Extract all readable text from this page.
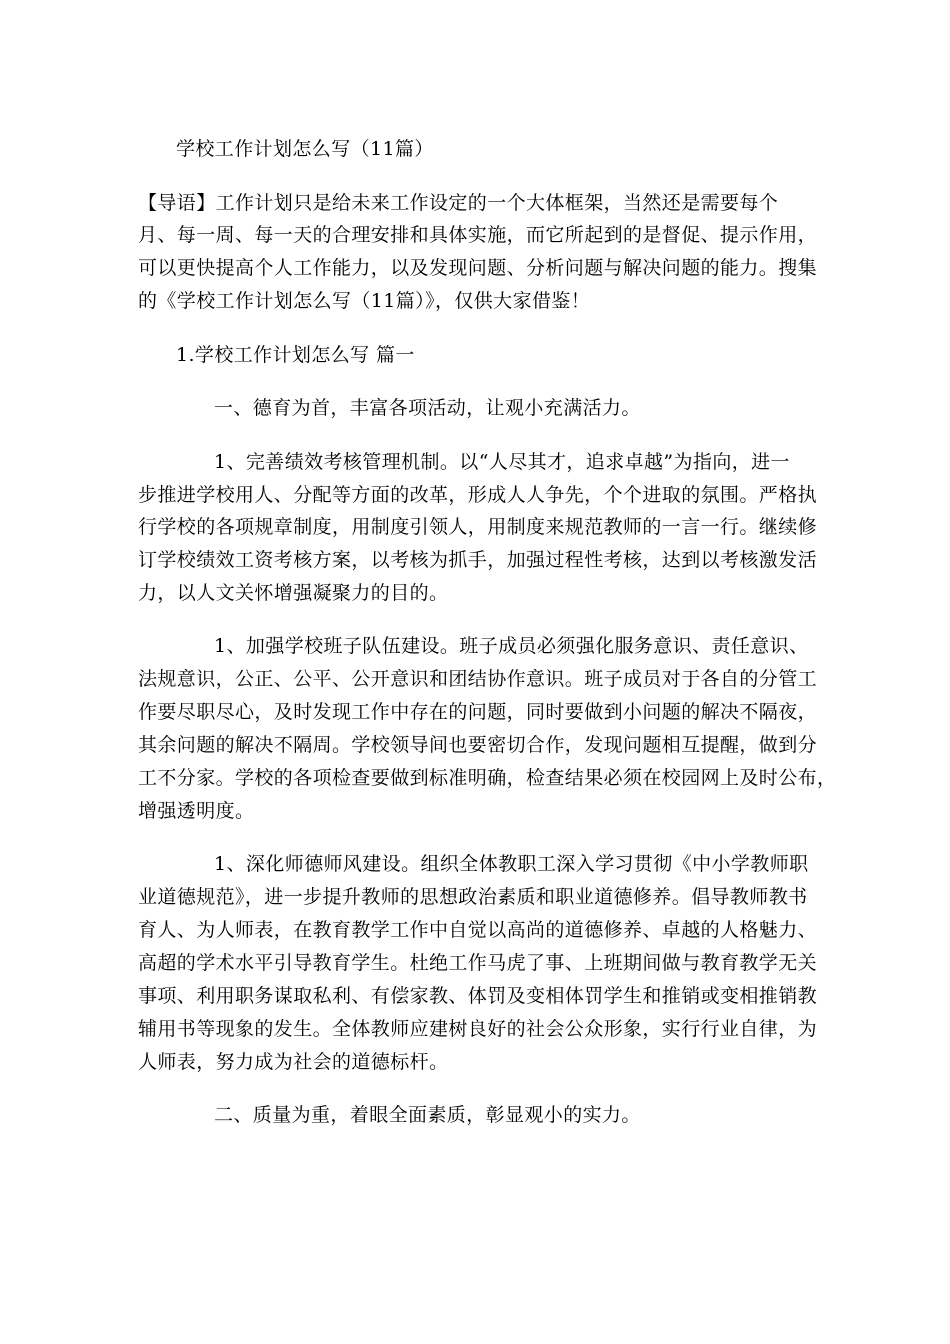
学校工作计划怎么写（11篇）
【导语】工作计划只是给未来工作设定的一个大体框架，当然还是需要每个
月、每一周、每一天的合理安排和具体实施，而它所起到的是督促、提示作用，
可以更快提高个人工作能力，以及发现问题、分析问题与解决问题的能力。搜集
的《学校工作计划怎么写（11篇）》，仅供大家借鉴！
1.学校工作计划怎么写 篇一
一、德育为首，丰富各项活动，让观小充满活力。
1、完善绩效考核管理机制。以“人尽其才，追求卓越”为指向，进一
步推进学校用人、分配等方面的改革，形成人人争先，个个进取的氛围。严格执
行学校的各项规章制度，用制度引领人，用制度来规范教师的一言一行。继续修
订学校绩效工资考核方案，以考核为抓手，加强过程性考核，达到以考核激发活
力，以人文关怀增强凝聚力的目的。
1、加强学校班子队伍建设。班子成员必须强化服务意识、责任意识、
法规意识，公正、公平、公开意识和团结协作意识。班子成员对于各自的分管工
作要尽职尽心，及时发现工作中存在的问题，同时要做到小问题的解决不隔夜，
其余问题的解决不隔周。学校领导间也要密切合作，发现问题相互提醒，做到分
工不分家。学校的各项检查要做到标准明确，检查结果必须在校园网上及时公布，
增强透明度。
1、深化师德师风建设。组织全体教职工深入学习贯彻《中小学教师职
业道德规范》，进一步提升教师的思想政治素质和职业道德修养。倡导教师教书
育人、为人师表，在教育教学工作中自觉以高尚的道德修养、卓越的人格魅力、
高超的学术水平引导教育学生。杜绝工作马虎了事、上班期间做与教育教学无关
事项、利用职务谋取私利、有偿家教、体罚及变相体罚学生和推销或变相推销教
辅用书等现象的发生。全体教师应建树良好的社会公众形象，实行行业自律，为
人师表，努力成为社会的道德标杆。
二、质量为重，着眼全面素质，彰显观小的实力。
